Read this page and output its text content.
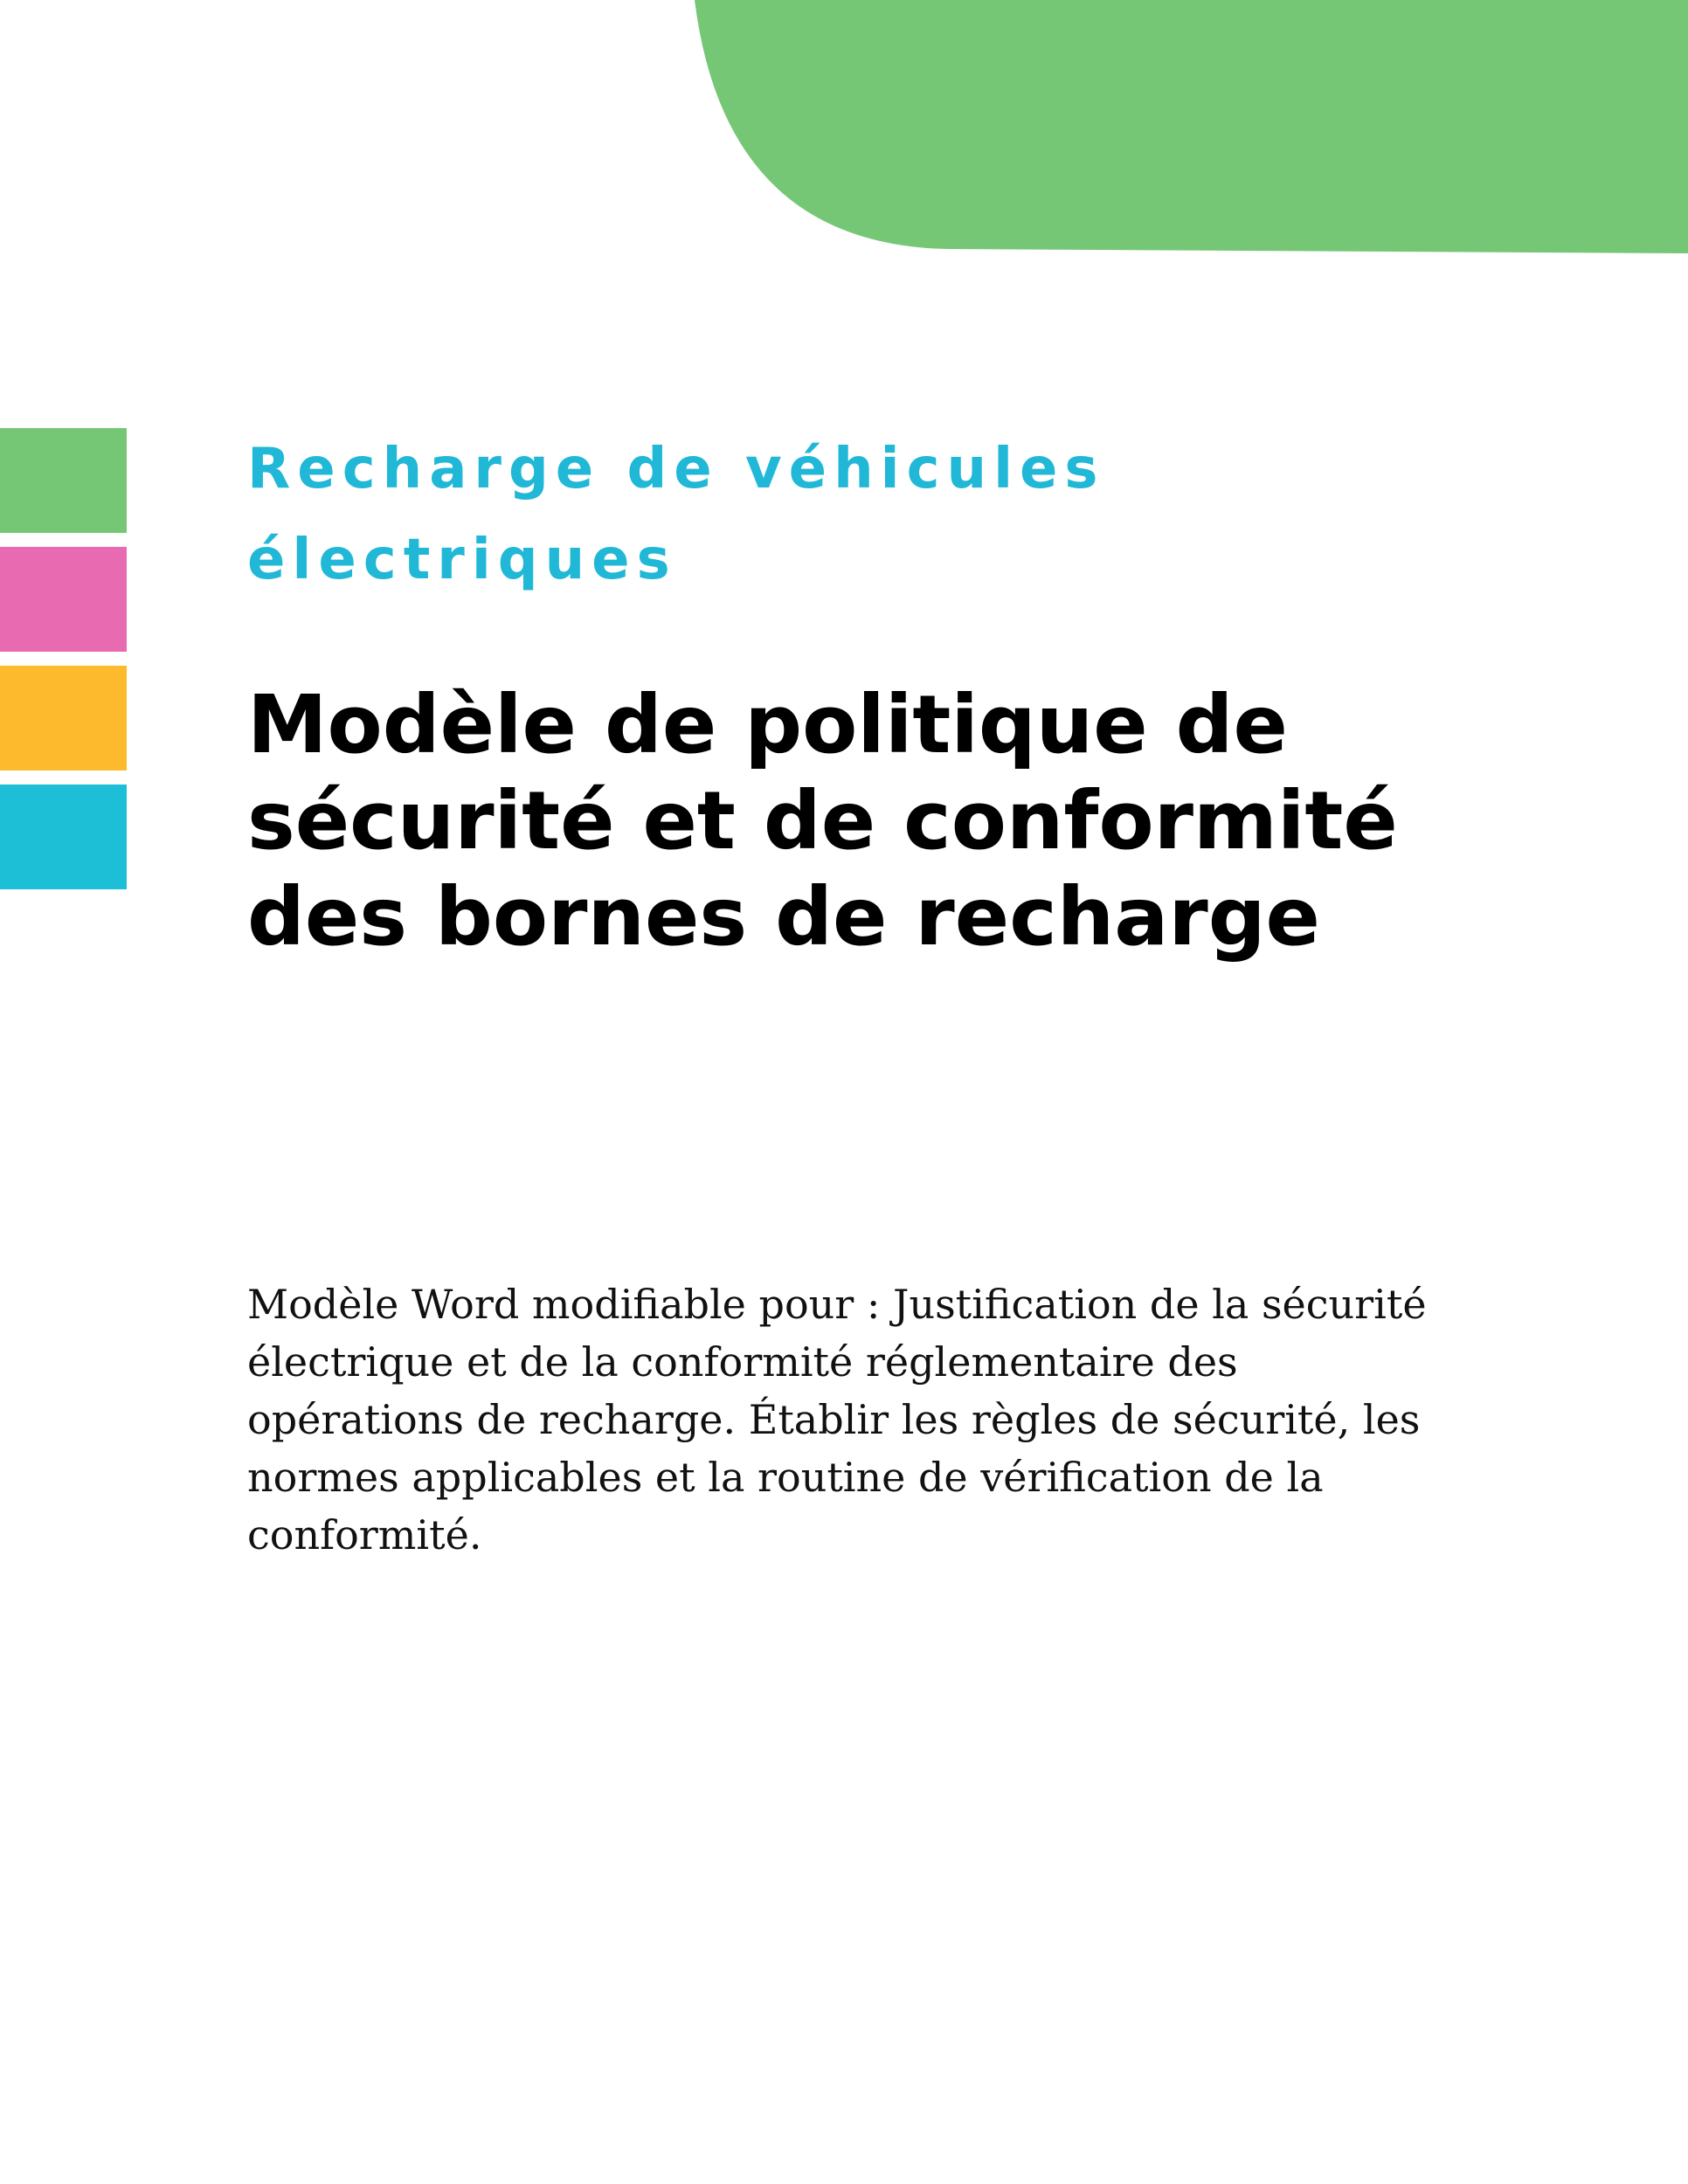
Recharge de véhicules
électriques
Modèle de politique de
sécurité et de conformité
des bornes de recharge

Modèle Word modifiable pour : Justification de la sécurité
électrique et de la conformité réglementaire des
opérations de recharge. Établir les règles de sécurité, les
normes applicables et la routine de vérification de la
conformité.
